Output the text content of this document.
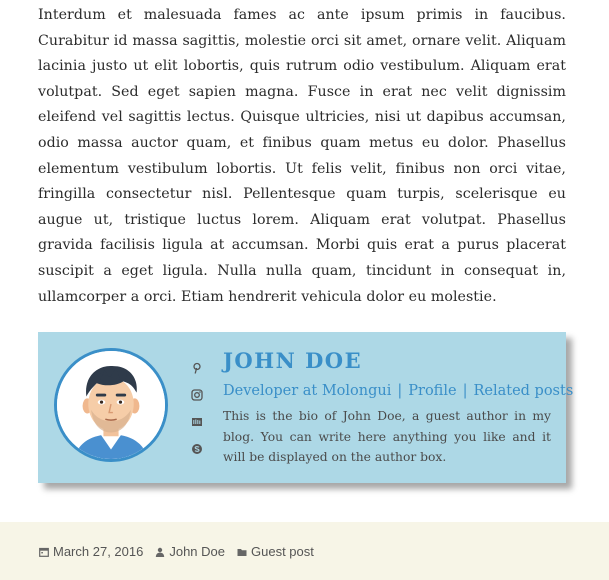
Interdum et malesuada fames ac ante ipsum primis in faucibus. Curabitur id massa sagittis, molestie orci sit amet, ornare velit. Aliquam lacinia justo ut elit lobortis, quis rutrum odio vestibulum. Aliquam erat volutpat. Sed eget sapien magna. Fusce in erat nec velit dignissim eleifend vel sagittis lectus. Quisque ultricies, nisi ut dapibus accumsan, odio massa auctor quam, et finibus quam metus eu dolor. Phasellus elementum vestibulum lobortis. Ut felis velit, finibus non orci vitae, fringilla consectetur nisl. Pellentesque quam turpis, scelerisque eu augue ut, tristique luctus lorem. Aliquam erat volutpat. Phasellus gravida facilisis ligula at accumsan. Morbi quis erat a purus placerat suscipit a eget ligula. Nulla nulla quam, tincidunt in consequat in, ullamcorper a orci. Etiam hendrerit vehicula dolor eu molestie.

JOHN DOE

Developer at Molongui | Profile | Related posts

This is the bio of John Doe, a guest author in my blog. You can write here anything you like and it will be displayed on the author box.

March 27, 2016 John Doe Guest post
